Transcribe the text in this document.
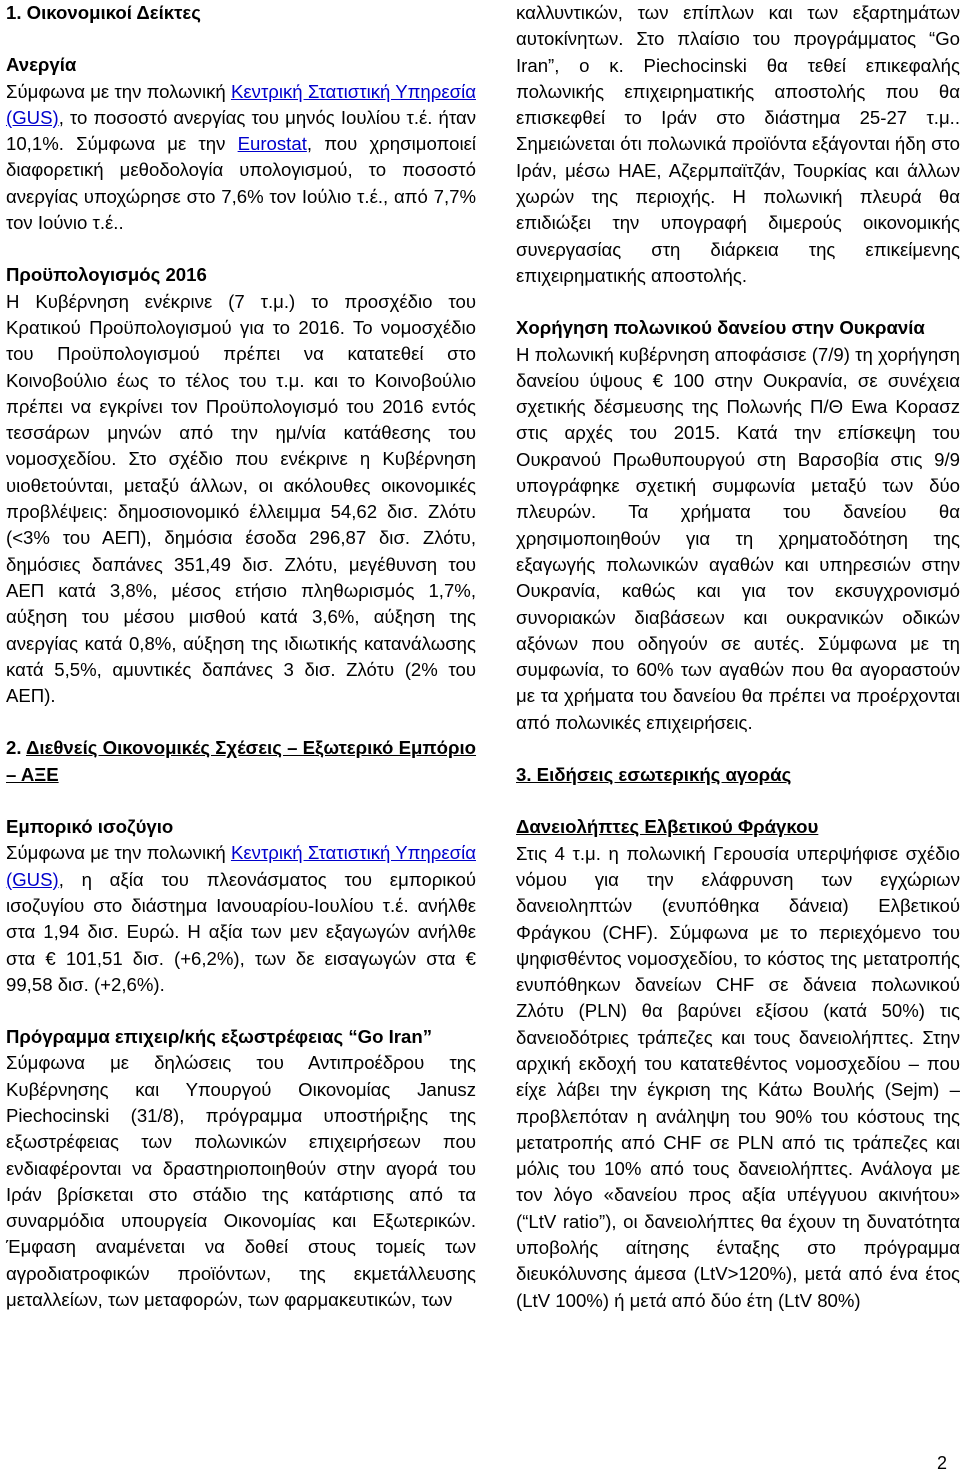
1. Οικονομικοί Δείκτες

Ανεργία

Σύμφωνα με την πολωνική Κεντρική Στατιστική Υπηρεσία (GUS), το ποσοστό ανεργίας του μηνός Ιουλίου τ.έ. ήταν 10,1%. Σύμφωνα με την Eurostat, που χρησιμοποιεί διαφορετική μεθοδολογία υπολογισμού, το ποσοστό ανεργίας υποχώρησε στο 7,6% τον Ιούλιο τ.έ., από 7,7% τον Ιούνιο τ.έ..

Προϋπολογισμός 2016

Η Κυβέρνηση ενέκρινε (7 τ.μ.) το προσχέδιο του Κρατικού Προϋπολογισμού για το 2016. Το νομοσχέδιο του Προϋπολογισμού πρέπει να κατατεθεί στο Κοινοβούλιο έως το τέλος του τ.μ. και το Κοινοβούλιο πρέπει να εγκρίνει τον Προϋπολογισμό του 2016 εντός τεσσάρων μηνών από την ημ/νία κατάθεσης του νομοσχεδίου. Στο σχέδιο που ενέκρινε η Κυβέρνηση υιοθετούνται, μεταξύ άλλων, οι ακόλουθες οικονομικές προβλέψεις: δημοσιονομικό έλλειμμα 54,62 δισ. Ζλότυ (<3% του ΑΕΠ), δημόσια έσοδα 296,87 δισ. Ζλότυ, δημόσιες δαπάνες 351,49 δισ. Ζλότυ, μεγέθυνση του ΑΕΠ κατά 3,8%, μέσος ετήσιο πληθωρισμός 1,7%, αύξηση του μέσου μισθού κατά 3,6%, αύξηση της ανεργίας κατά 0,8%, αύξηση της ιδιωτικής κατανάλωσης κατά 5,5%, αμυντικές δαπάνες 3 δισ. Ζλότυ (2% του ΑΕΠ).

2. Διεθνείς Οικονομικές Σχέσεις – Εξωτερικό Εμπόριο – ΑΞΕ

Εμπορικό ισοζύγιο

Σύμφωνα με την πολωνική Κεντρική Στατιστική Υπηρεσία (GUS), η αξία του πλεονάσματος του εμπορικού ισοζυγίου στο διάστημα Ιανουαρίου-Ιουλίου τ.έ. ανήλθε στα 1,94 δισ. Ευρώ. Η αξία των μεν εξαγωγών ανήλθε στα € 101,51 δισ. (+6,2%), των δε εισαγωγών στα € 99,58 δισ. (+2,6%).

Πρόγραμμα επιχειρ/κής εξωστρέφειας “Go Iran”

Σύμφωνα με δηλώσεις του Αντιπροέδρου της Κυβέρνησης και Υπουργού Οικονομίας Janusz Piechocinski (31/8), πρόγραμμα υποστήριξης της εξωστρέφειας των πολωνικών επιχειρήσεων που ενδιαφέρονται να δραστηριοποιηθούν στην αγορά του Ιράν βρίσκεται στο στάδιο της κατάρτισης από τα συναρμόδια υπουργεία Οικονομίας και Εξωτερικών. Έμφαση αναμένεται να δοθεί στους τομείς των αγροδιατροφικών προϊόντων, της εκμετάλλευσης μεταλλείων, των μεταφορών, των φαρμακευτικών, των

καλλυντικών, των επίπλων και των εξαρτημάτων αυτοκίνητων. Στο πλαίσιο του προγράμματος “Go Iran”, ο κ. Piechocinski θα τεθεί επικεφαλής πολωνικής επιχειρηματικής αποστολής που θα επισκεφθεί το Ιράν στο διάστημα 25-27 τ.μ.. Σημειώνεται ότι πολωνικά προϊόντα εξάγονται ήδη στο Ιράν, μέσω ΗΑΕ, Αζερμπαϊτζάν, Τουρκίας και άλλων χωρών της περιοχής. Η πολωνική πλευρά θα επιδιώξει την υπογραφή διμερούς οικονομικής συνεργασίας στη διάρκεια της επικείμενης επιχειρηματικής αποστολής.

Χορήγηση πολωνικού δανείου στην Ουκρανία

Η πολωνική κυβέρνηση αποφάσισε (7/9) τη χορήγηση δανείου ύψους € 100 στην Ουκρανία, σε συνέχεια σχετικής δέσμευσης της Πολωνής Π/Θ Ewa Κορασz στις αρχές του 2015. Κατά την επίσκεψη του Ουκρανού Πρωθυπουργού στη Βαρσοβία στις 9/9 υπογράφηκε σχετική συμφωνία μεταξύ των δύο πλευρών. Τα χρήματα του δανείου θα χρησιμοποιηθούν για τη χρηματοδότηση της εξαγωγής πολωνικών αγαθών και υπηρεσιών στην Ουκρανία, καθώς και για τον εκσυγχρονισμό συνοριακών διαβάσεων και ουκρανικών οδικών αξόνων που οδηγούν σε αυτές. Σύμφωνα με τη συμφωνία, το 60% των αγαθών που θα αγοραστούν με τα χρήματα του δανείου θα πρέπει να προέρχονται από πολωνικές επιχειρήσεις.

3. Ειδήσεις εσωτερικής αγοράς

Δανειολήπτες Ελβετικού Φράγκου

Στις 4 τ.μ. η πολωνική Γερουσία υπερψήφισε σχέδιο νόμου για την ελάφρυνση των εγχώριων δανειοληπτών (ενυπόθηκα δάνεια) Ελβετικού Φράγκου (CHF). Σύμφωνα με το περιεχόμενο του ψηφισθέντος νομοσχεδίου, το κόστος της μετατροπής ενυπόθηκων δανείων CHF σε δάνεια πολωνικού Ζλότυ (PLN) θα βαρύνει εξίσου (κατά 50%) τις δανειοδότριες τράπεζες και τους δανειολήπτες. Στην αρχική εκδοχή του κατατεθέντος νομοσχεδίου – που είχε λάβει την έγκριση της Κάτω Βουλής (Sejm) – προβλεπόταν η ανάληψη του 90% του κόστους της μετατροπής από CHF σε PLN από τις τράπεζες και μόλις του 10% από τους δανειολήπτες. Ανάλογα με τον λόγο «δανείου προς αξία υπέγγυου ακινήτου» (“LtV ratio”), οι δανειολήπτες θα έχουν τη δυνατότητα υποβολής αίτησης ένταξης στο πρόγραμμα διευκόλυνσης άμεσα (LtV>120%), μετά από ένα έτος (LtV 100%) ή μετά από δύο έτη (LtV 80%)

2
